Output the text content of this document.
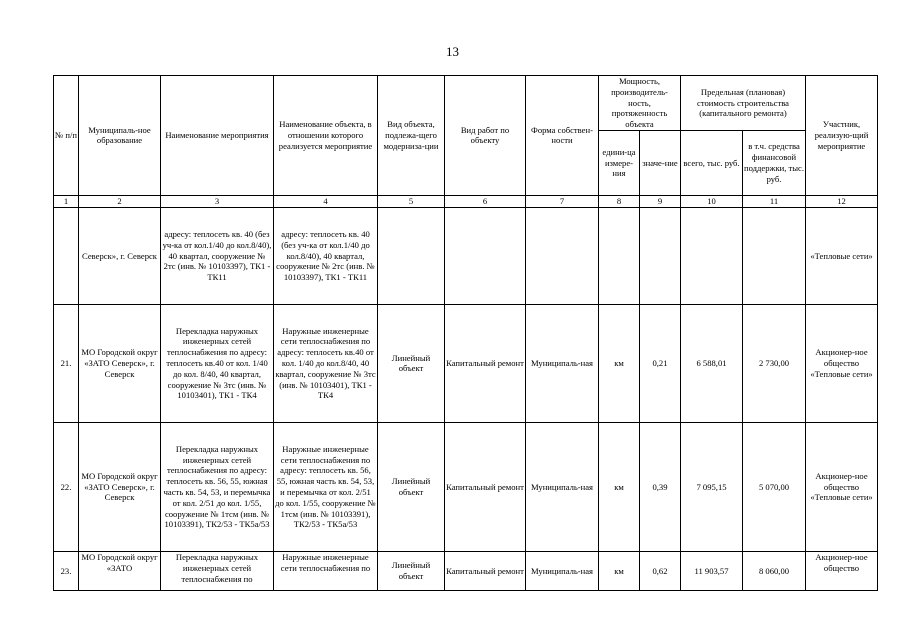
13
№ п/п	Муниципаль-ное образование	Наименование мероприятия	Наименование объекта, в отношении которого реализуется мероприятие	Вид объекта, подлежа-щего модерниза-ции	Вид работ по объекту	Форма собствен-ности	Мощность, производитель-ность, протяженность объекта		Предельная (плановая) стоимость строительства (капитального ремонта)		Участник, реализую-щий мероприятие
							едини-ца измере-ния	значе-ние	всего, тыс. руб.	в т.ч. средства финансовой поддержки, тыс. руб.	
1	2	3	4	5	6	7	8	9	10	11	12
	Северск», г. Северск	адресу: теплосеть кв. 40 (без уч-ка от кол.1/40 до кол.8/40), 40 квартал, сооружение № 2тс (инв. № 10103397), ТК1 - ТК11	адресу: теплосеть кв. 40 (без уч-ка от кол.1/40 до кол.8/40), 40 квартал, сооружение № 2тс (инв. № 10103397), ТК1 - ТК11								«Тепловые сети»
21.	МО Городской округ «ЗАТО Северск», г. Северск	Перекладка наружных инженерных сетей теплоснабжения по адресу: теплосеть кв.40 от кол. 1/40 до кол. 8/40, 40 квартал, сооружение № 3тс (инв. № 10103401), ТК1 - ТК4	Наружные инженерные сети теплоснабжения по адресу: теплосеть кв.40 от кол. 1/40 до кол.8/40, 40 квартал, сооружение № 3тс (инв. № 10103401), ТК1 - ТК4	Линейный объект	Капитальный ремонт	Муниципаль-ная	км	0,21	6 588,01	2 730,00	Акционер-ное общество «Тепловые сети»
22.	МО Городской округ «ЗАТО Северск», г. Северск	Перекладка наружных инженерных сетей теплоснабжения по адресу: теплосеть кв. 56, 55, южная часть кв. 54, 53, и перемычка от кол. 2/51 до кол. 1/55, сооружение № 1тсм (инв. № 10103391), ТК2/53 - ТК5а/53	Наружные инженерные сети теплоснабжения по адресу: теплосеть кв. 56, 55, южная часть кв. 54, 53, и перемычка от кол. 2/51 до кол. 1/55, сооружение № 1тсм (инв. № 10103391), ТК2/53 - ТК5а/53	Линейный объект	Капитальный ремонт	Муниципаль-ная	км	0,39	7 095,15	5 070,00	Акционер-ное общество «Тепловые сети»
23.	МО Городской округ «ЗАТО	Перекладка наружных инженерных сетей теплоснабжения по	Наружные инженерные сети теплоснабжения по	Линейный объект	Капитальный ремонт	Муниципаль-ная	км	0,62	11 903,57	8 060,00	Акционер-ное общество
